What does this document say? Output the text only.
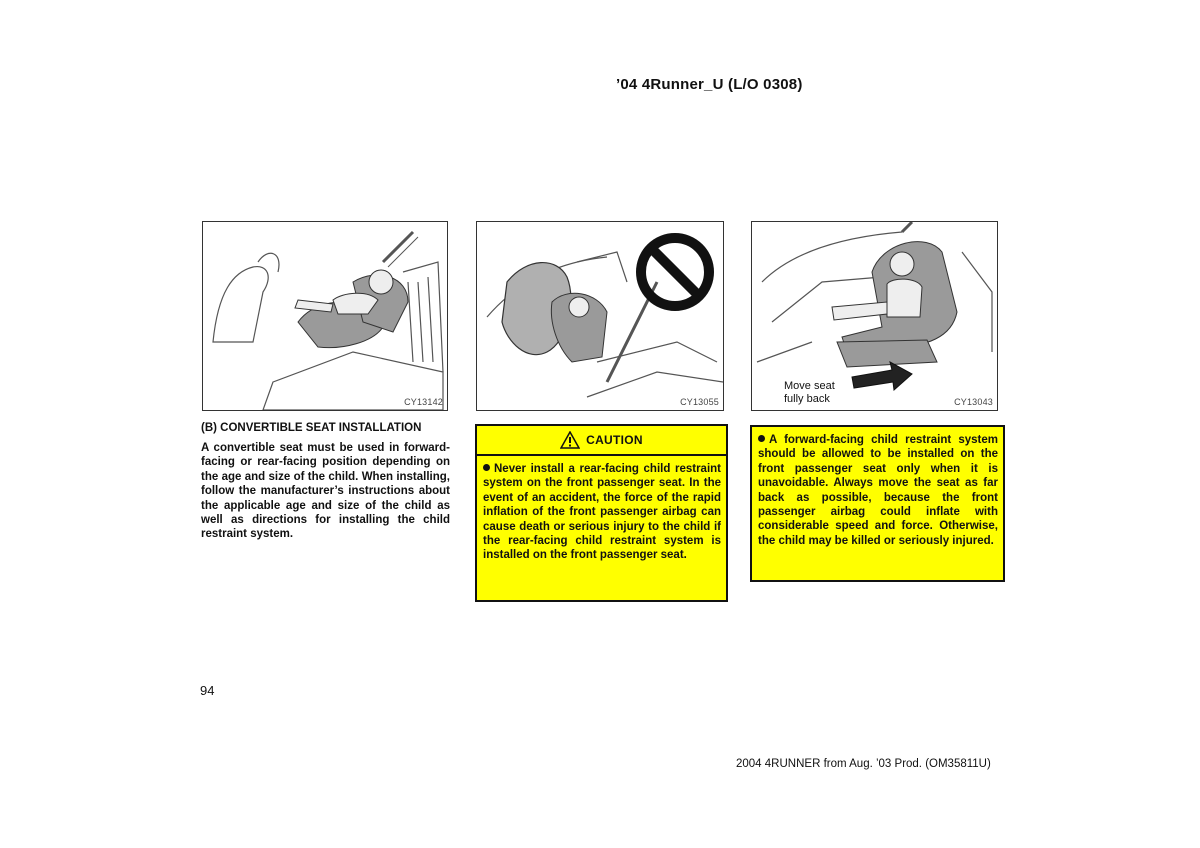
’04 4Runner_U (L/O 0308)
CY13142	CY13055
Move seat
fully back	CY13043
(B) CONVERTIBLE SEAT INSTALLATION
A convertible seat must be used in forward-facing or rear-facing position depending on the age and size of the child. When installing, follow the manufacturer’s instructions about the applicable age and size of the child as well as directions for installing the child restraint system.
CAUTION
Never install a rear-facing child restraint system on the front passenger seat. In the event of an accident, the force of the rapid inflation of the front passenger airbag can cause death or serious injury to the child if the rear-facing child restraint system is installed on the front passenger seat.
A forward-facing child restraint system should be allowed to be installed on the front passenger seat only when it is unavoidable. Always move the seat as far back as possible, because the front passenger airbag could inflate with considerable speed and force. Otherwise, the child may be killed or seriously injured.
94
2004 4RUNNER from Aug. ’03 Prod. (OM35811U)
